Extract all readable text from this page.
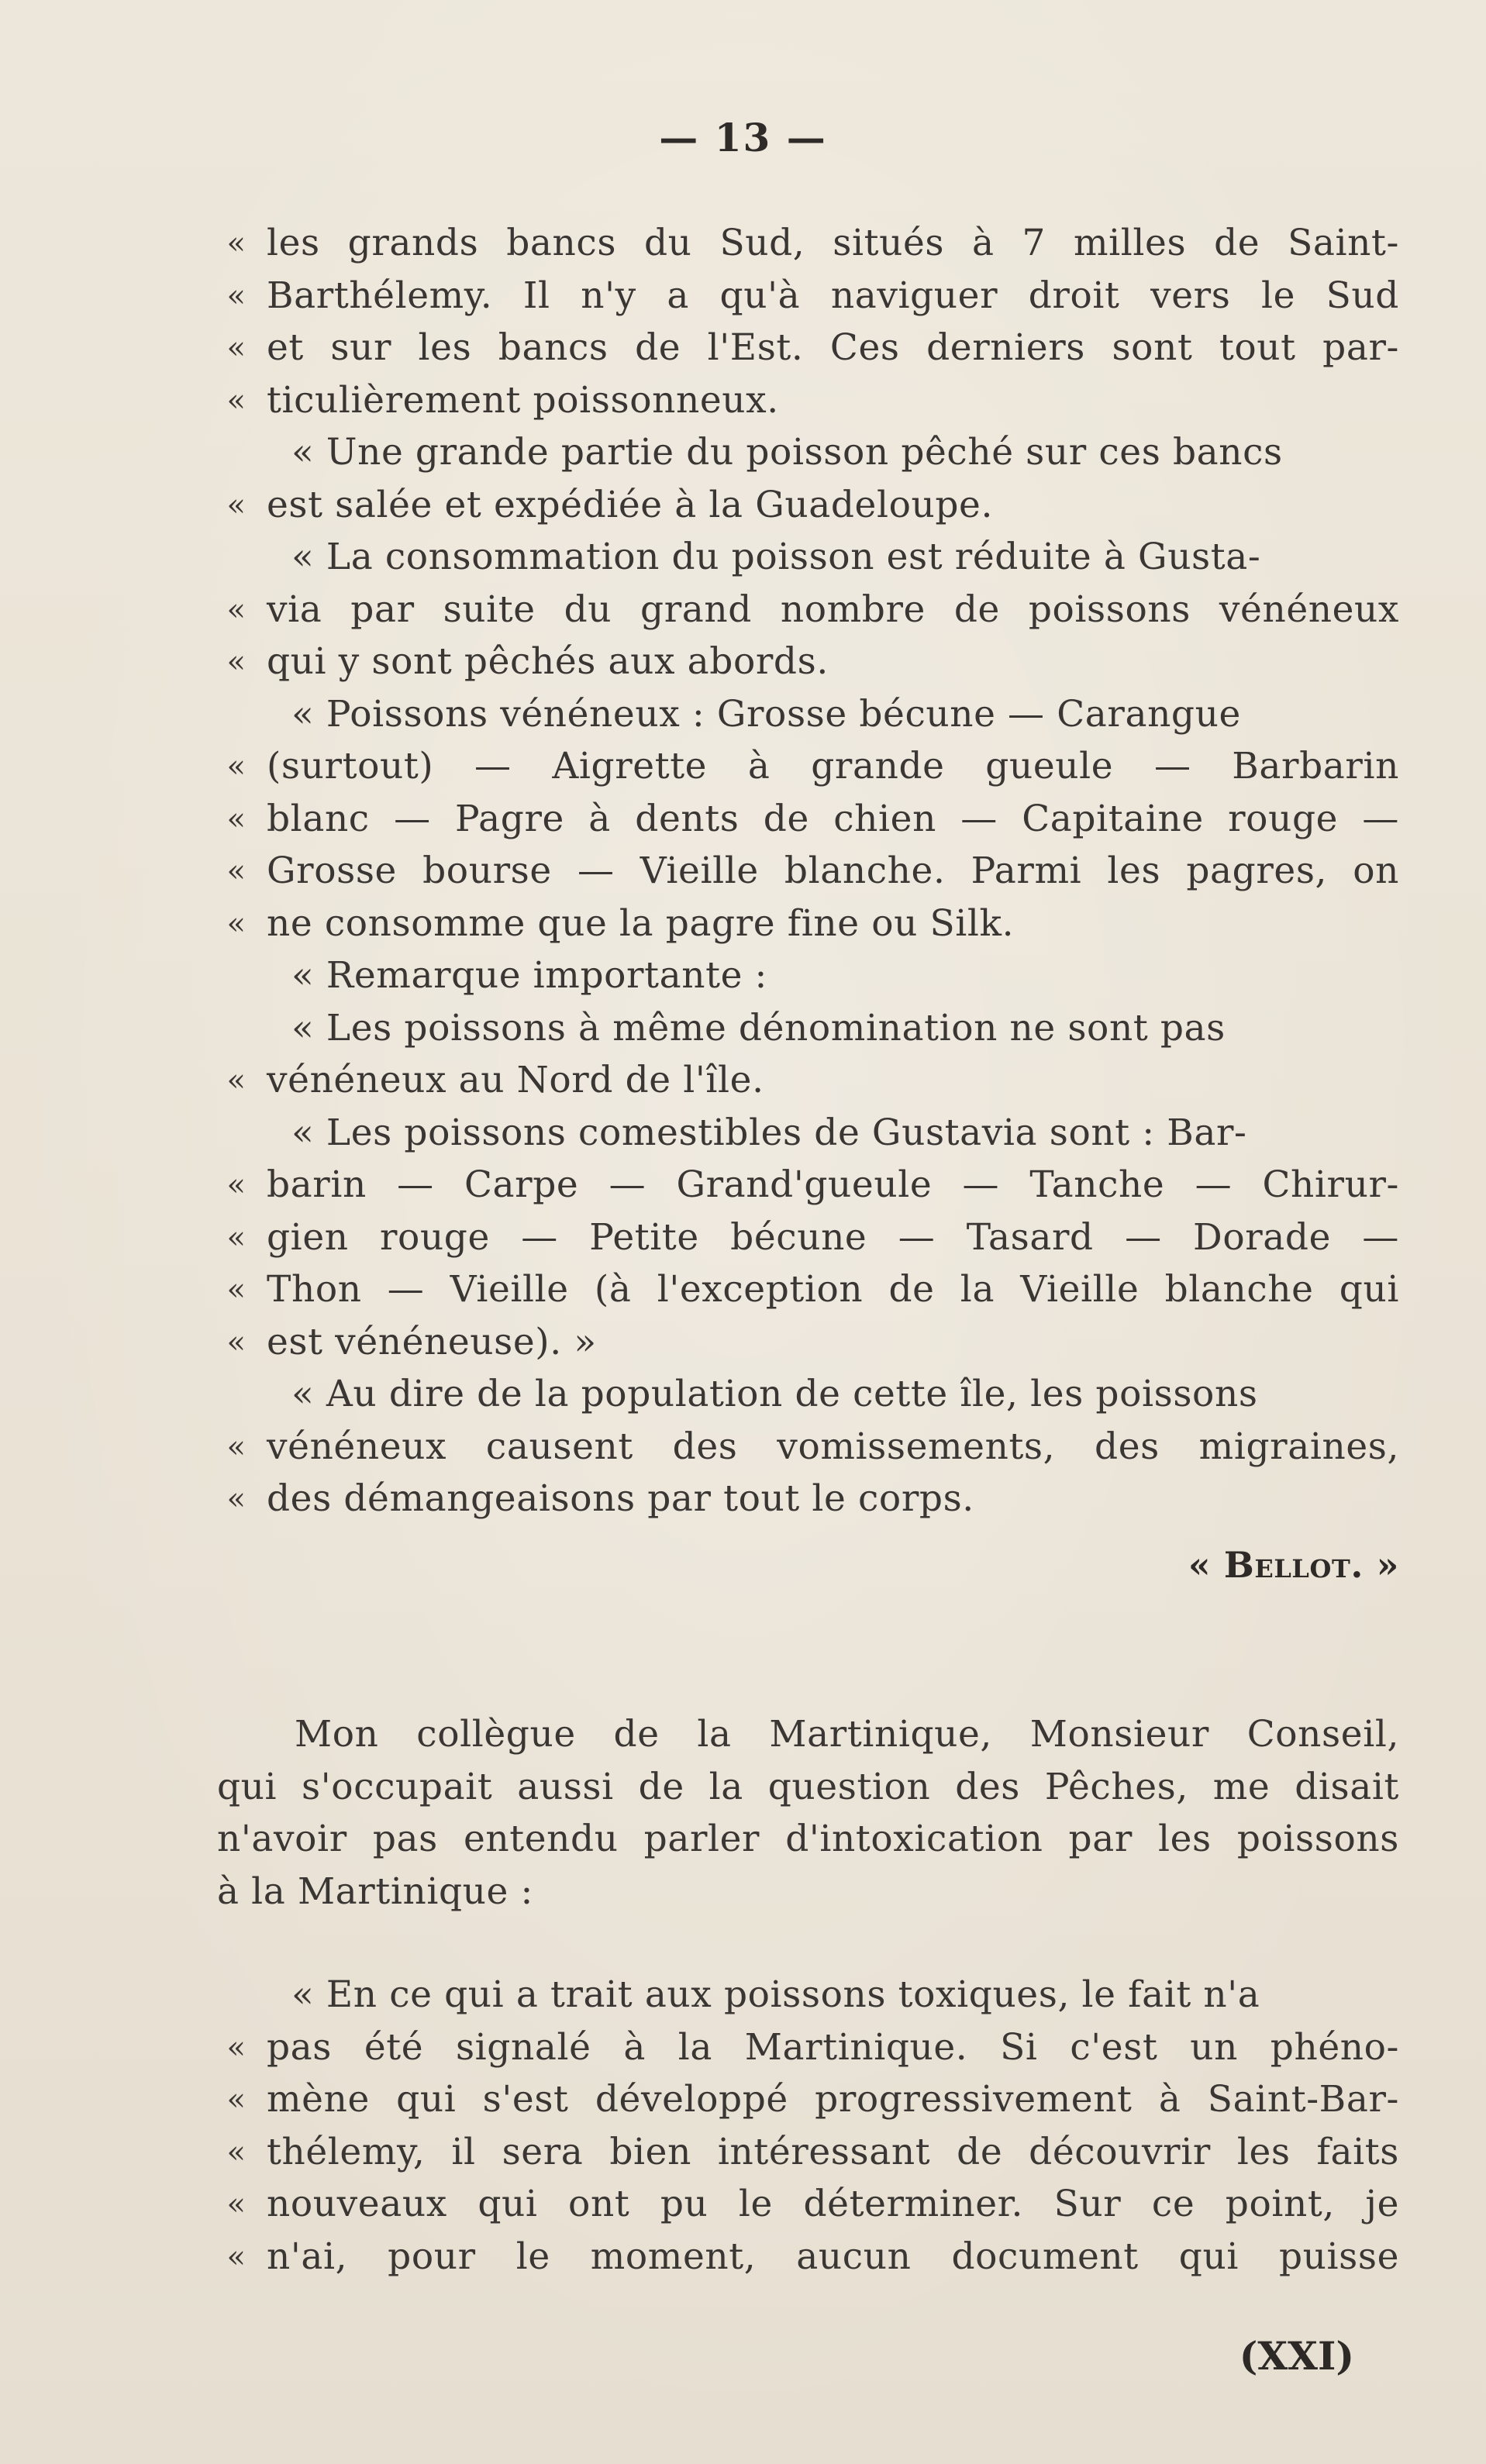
— 13 —
« les grands bancs du Sud, situés à 7 milles de Saint-
« Barthélemy. Il n'y a qu'à naviguer droit vers le Sud
« et sur les bancs de l'Est. Ces derniers sont tout par-
« ticulièrement poissonneux.
« Une grande partie du poisson pêché sur ces bancs
« est salée et expédiée à la Guadeloupe.
« La consommation du poisson est réduite à Gusta-
« via par suite du grand nombre de poissons vénéneux
« qui y sont pêchés aux abords.
« Poissons vénéneux : Grosse bécune — Carangue
« (surtout) — Aigrette à grande gueule — Barbarin
« blanc — Pagre à dents de chien — Capitaine rouge —
« Grosse bourse — Vieille blanche. Parmi les pagres, on
« ne consomme que la pagre fine ou Silk.
« Remarque importante :
« Les poissons à même dénomination ne sont pas
« vénéneux au Nord de l'île.
« Les poissons comestibles de Gustavia sont : Bar-
« barin — Carpe — Grand'gueule — Tanche — Chirur-
« gien rouge — Petite bécune — Tasard — Dorade —
« Thon — Vieille (à l'exception de la Vieille blanche qui
« est vénéneuse). »
« Au dire de la population de cette île, les poissons
« vénéneux causent des vomissements, des migraines,
« des démangeaisons par tout le corps.
« Bellot. »
Mon collègue de la Martinique, Monsieur Conseil,
qui s'occupait aussi de la question des Pêches, me disait
n'avoir pas entendu parler d'intoxication par les poissons
à la Martinique :
« En ce qui a trait aux poissons toxiques, le fait n'a
« pas été signalé à la Martinique. Si c'est un phéno-
« mène qui s'est développé progressivement à Saint-Bar-
« thélemy, il sera bien intéressant de découvrir les faits
« nouveaux qui ont pu le déterminer. Sur ce point, je
« n'ai, pour le moment, aucun document qui puisse
(XXI)
